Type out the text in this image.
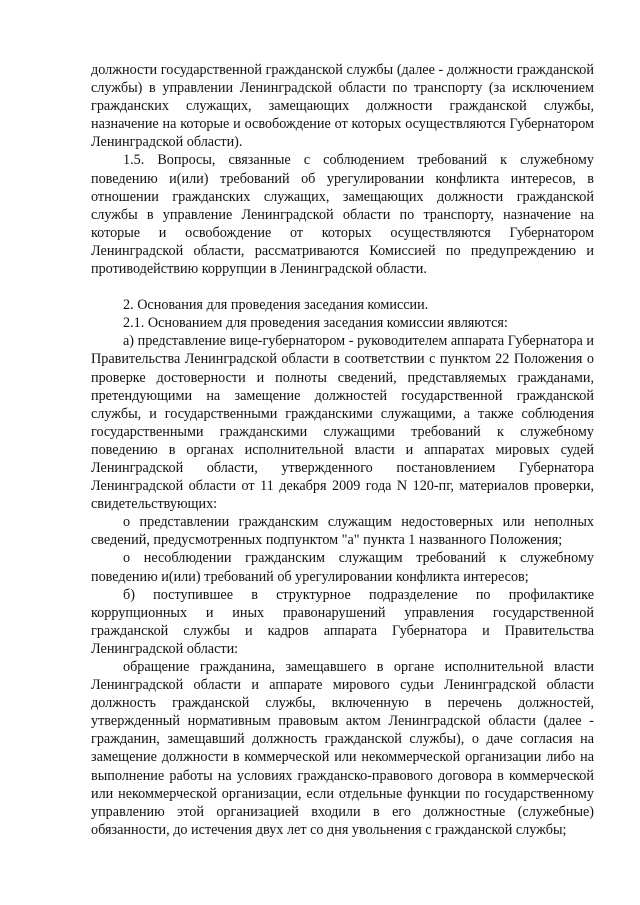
должности государственной гражданской службы (далее - должности гражданской службы) в управлении Ленинградской области по транспорту (за исключением гражданских служащих, замещающих должности гражданской службы, назначение на которые и освобождение от которых осуществляются Губернатором Ленинградской области).

1.5. Вопросы, связанные с соблюдением требований к служебному поведению и(или) требований об урегулировании конфликта интересов, в отношении гражданских служащих, замещающих должности гражданской службы в управление Ленинградской области по транспорту, назначение на которые и освобождение от которых осуществляются Губернатором Ленинградской области, рассматриваются Комиссией по предупреждению и противодействию коррупции в Ленинградской области.

2. Основания для проведения заседания комиссии.

2.1. Основанием для проведения заседания комиссии являются:

а) представление вице-губернатором - руководителем аппарата Губернатора и Правительства Ленинградской области в соответствии с пунктом 22 Положения о проверке достоверности и полноты сведений, представляемых гражданами, претендующими на замещение должностей государственной гражданской службы, и государственными гражданскими служащими, а также соблюдения государственными гражданскими служащими требований к служебному поведению в органах исполнительной власти и аппаратах мировых судей Ленинградской области, утвержденного постановлением Губернатора Ленинградской области от 11 декабря 2009 года N 120-пг, материалов проверки, свидетельствующих:

о представлении гражданским служащим недостоверных или неполных сведений, предусмотренных подпунктом "а" пункта 1 названного Положения;

о несоблюдении гражданским служащим требований к служебному поведению и(или) требований об урегулировании конфликта интересов;

б) поступившее в структурное подразделение по профилактике коррупционных и иных правонарушений управления государственной гражданской службы и кадров аппарата Губернатора и Правительства Ленинградской области:

обращение гражданина, замещавшего в органе исполнительной власти Ленинградской области и аппарате мирового судьи Ленинградской области должность гражданской службы, включенную в перечень должностей, утвержденный нормативным правовым актом Ленинградской области (далее - гражданин, замещавший должность гражданской службы), о даче согласия на замещение должности в коммерческой или некоммерческой организации либо на выполнение работы на условиях гражданско-правового договора в коммерческой или некоммерческой организации, если отдельные функции по государственному управлению этой организацией входили в его должностные (служебные) обязанности, до истечения двух лет со дня увольнения с гражданской службы;
